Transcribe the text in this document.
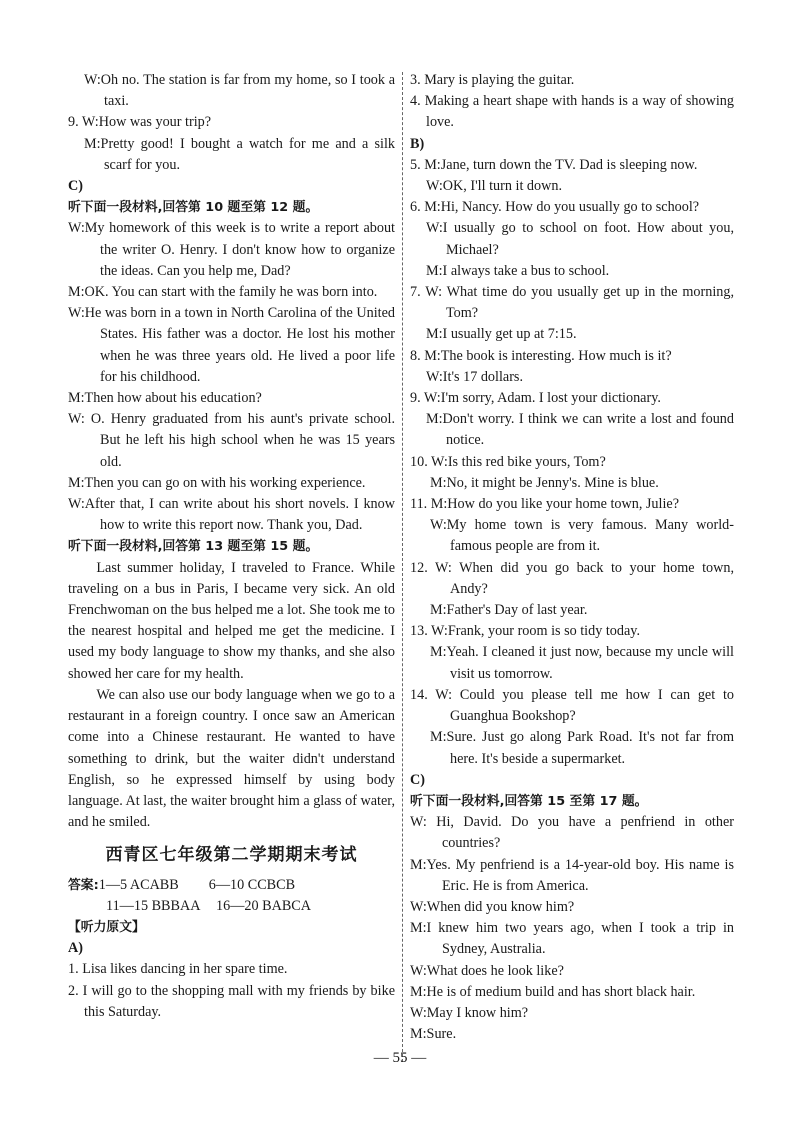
W:Oh no. The station is far from my home, so I took a taxi.

9. W:How was your trip?

M:Pretty good! I bought a watch for me and a silk scarf for you.

C)

听下面一段材料,回答第 10 题至第 12 题。

W:My homework of this week is to write a report about the writer O. Henry. I don't know how to organize the ideas. Can you help me, Dad?

M:OK. You can start with the family he was born into.

W:He was born in a town in North Carolina of the United States. His father was a doctor. He lost his mother when he was three years old. He lived a poor life for his childhood.

M:Then how about his education?

W: O. Henry graduated from his aunt's private school. But he left his high school when he was 15 years old.

M:Then you can go on with his working experience.

W:After that, I can write about his short novels. I know how to write this report now. Thank you, Dad.

听下面一段材料,回答第 13 题至第 15 题。

Last summer holiday, I traveled to France. While traveling on a bus in Paris, I became very sick. An old Frenchwoman on the bus helped me a lot. She took me to the nearest hospital and helped me get the medicine. I used my body language to show my thanks, and she also showed her care for my health.

We can also use our body language when we go to a restaurant in a foreign country. I once saw an American come into a Chinese restaurant. He wanted to have something to drink, but the waiter didn't understand English, so he expressed himself by using body language. At last, the waiter brought him a glass of water, and he smiled.

西青区七年级第二学期期末考试

答案:1—5 ACABB 6—10 CCBCB

11—15 BBBAA 16—20 BABCA

【听力原文】

A)

1. Lisa likes dancing in her spare time.

2. I will go to the shopping mall with my friends by bike this Saturday.

3. Mary is playing the guitar.

4. Making a heart shape with hands is a way of showing love.

B)

5. M:Jane, turn down the TV. Dad is sleeping now.

W:OK, I'll turn it down.

6. M:Hi, Nancy. How do you usually go to school?

W:I usually go to school on foot. How about you, Michael?

M:I always take a bus to school.

7. W: What time do you usually get up in the morning, Tom?

M:I usually get up at 7:15.

8. M:The book is interesting. How much is it?

W:It's 17 dollars.

9. W:I'm sorry, Adam. I lost your dictionary.

M:Don't worry. I think we can write a lost and found notice.

10. W:Is this red bike yours, Tom?

M:No, it might be Jenny's. Mine is blue.

11. M:How do you like your home town, Julie?

W:My home town is very famous. Many world-famous people are from it.

12. W: When did you go back to your home town, Andy?

M:Father's Day of last year.

13. W:Frank, your room is so tidy today.

M:Yeah. I cleaned it just now, because my uncle will visit us tomorrow.

14. W: Could you please tell me how I can get to Guanghua Bookshop?

M:Sure. Just go along Park Road. It's not far from here. It's beside a supermarket.

C)

听下面一段材料,回答第 15 至第 17 题。

W: Hi, David. Do you have a penfriend in other countries?

M:Yes. My penfriend is a 14-year-old boy. His name is Eric. He is from America.

W:When did you know him?

M:I knew him two years ago, when I took a trip in Sydney, Australia.

W:What does he look like?

M:He is of medium build and has short black hair.

W:May I know him?

M:Sure.

— 55 —
